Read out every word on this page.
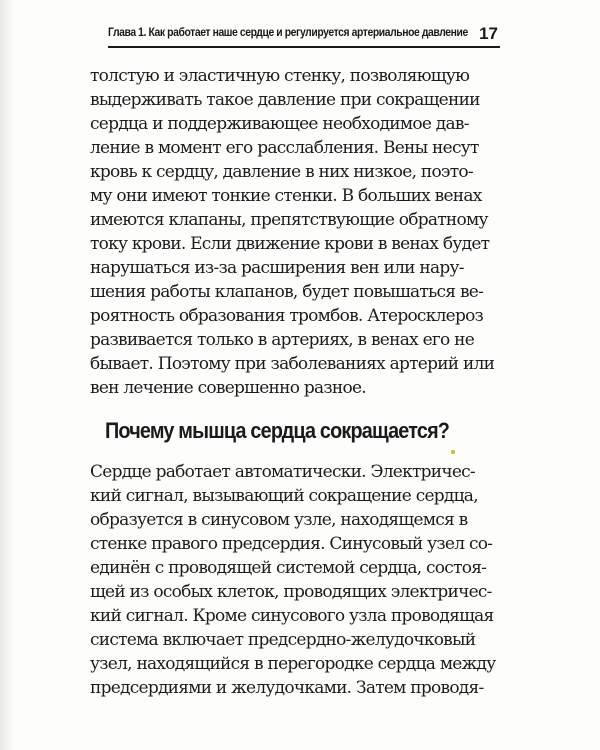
Глава 1. Как работает наше сердце и регулируется артериальное давление 17
толстую и эластичную стенку, позволяющую
выдерживать такое давление при сокращении
сердца и поддерживающее необходимое дав-
ление в момент его расслабления. Вены несут
кровь к сердцу, давление в них низкое, поэто-
му они имеют тонкие стенки. В больших венах
имеются клапаны, препятствующие обратному
току крови. Если движение крови в венах будет
нарушаться из-за расширения вен или нару-
шения работы клапанов, будет повышаться ве-
роятность образования тромбов. Атеросклероз
развивается только в артериях, в венах его не
бывает. Поэтому при заболеваниях артерий или
вен лечение совершенно разное.
Почему мышца сердца сокращается?
Сердце работает автоматически. Электричес-
кий сигнал, вызывающий сокращение сердца,
образуется в синусовом узле, находящемся в
стенке правого предсердия. Синусовый узел со-
единён с проводящей системой сердца, состоя-
щей из особых клеток, проводящих электричес-
кий сигнал. Кроме синусового узла проводящая
система включает предсердно-желудочковый
узел, находящийся в перегородке сердца между
предсердиями и желудочками. Затем проводя-
